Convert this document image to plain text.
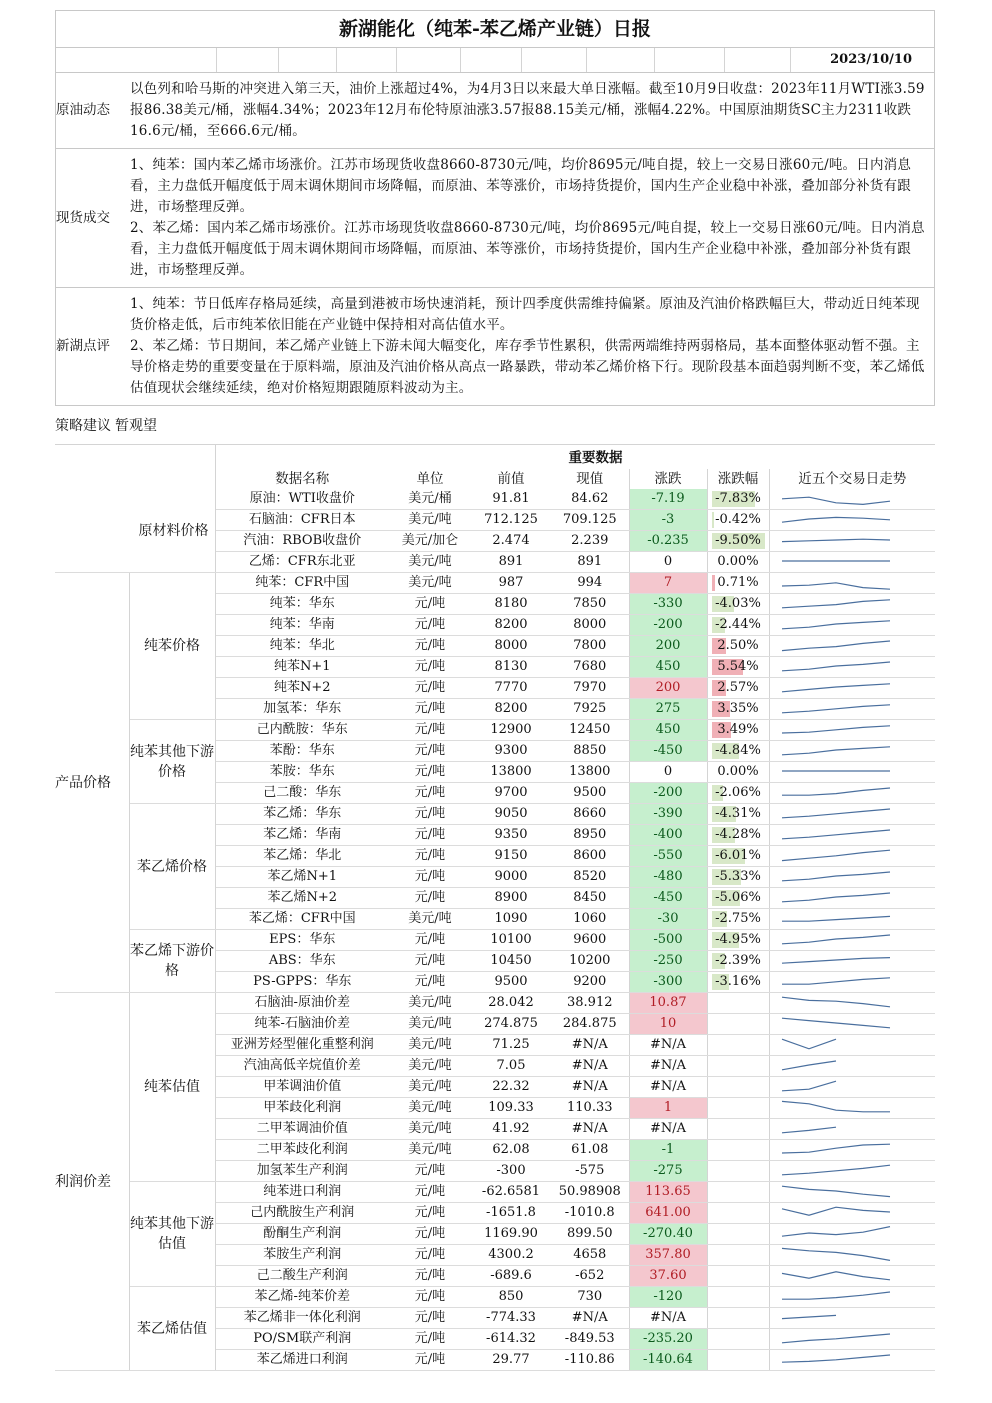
新湖能化（纯苯-苯乙烯产业链）日报
2023/10/10
原油动态

以色列和哈马斯的冲突进入第三天，油价上涨超过4%，为4月3日以来最大单日涨幅。截至10月9日收盘：2023年11月WTI涨3.59报86.38美元/桶，涨幅4.34%；2023年12月布伦特原油涨3.57报88.15美元/桶，涨幅4.22%。中国原油期货SC主力2311收跌16.6元/桶，至666.6元/桶。

现货成交

1、纯苯：国内苯乙烯市场涨价。江苏市场现货收盘8660-8730元/吨，均价8695元/吨自提，较上一交易日涨60元/吨。日内消息看，主力盘低开幅度低于周末调休期间市场降幅，而原油、苯等涨价，市场持货提价，国内生产企业稳中补涨，叠加部分补货有跟进，市场整理反弹。

2、苯乙烯：国内苯乙烯市场涨价。江苏市场现货收盘8660-8730元/吨，均价8695元/吨自提，较上一交易日涨60元/吨。日内消息看，主力盘低开幅度低于周末调休期间市场降幅，而原油、苯等涨价，市场持货提价，国内生产企业稳中补涨，叠加部分补货有跟进，市场整理反弹。

新湖点评

1、纯苯：节日低库存格局延续，高量到港被市场快速消耗，预计四季度供需维持偏紧。原油及汽油价格跌幅巨大，带动近日纯苯现货价格走低，后市纯苯依旧能在产业链中保持相对高估值水平。

2、苯乙烯：节日期间，苯乙烯产业链上下游未闻大幅变化，库存季节性累积，供需两端维持两弱格局，基本面整体驱动暂不强。主导价格走势的重要变量在于原料端，原油及汽油价格从高点一路暴跌，带动苯乙烯价格下行。现阶段基本面趋弱判断不变，苯乙烯低估值现状会继续延续，绝对价格短期跟随原料波动为主。

策略建议 暂观望
重要数据
		数据名称	单位	前值	现值	涨跌	涨跌幅	近五个交易日走势
原材料价格		原油：WTI收盘价	美元/桶	91.81	84.62	-7.19	-7.83%	

		石脑油：CFR日本	美元/吨	712.125	709.125	-3	-0.42%	

		汽油：RBOB收盘价	美元/加仑	2.474	2.239	-0.235	-9.50%	

		乙烯：CFR东北亚	美元/吨	891	891	0	0.00%	

产品价格	纯苯价格	纯苯：CFR中国	美元/吨	987	994	7	0.71%	

		纯苯：华东	元/吨	8180	7850	-330	-4.03%	

		纯苯：华南	元/吨	8200	8000	-200	-2.44%	

		纯苯：华北	元/吨	8000	7800	200	2.50%	

		纯苯N+1	元/吨	8130	7680	450	5.54%	

		纯苯N+2	元/吨	7770	7970	200	2.57%	

		加氢苯：华东	元/吨	8200	7925	275	3.35%	

	纯苯其他下游价格	己内酰胺：华东	元/吨	12900	12450	450	3.49%	

		苯酚：华东	元/吨	9300	8850	-450	-4.84%	

		苯胺：华东	元/吨	13800	13800	0	0.00%	

		己二酸：华东	元/吨	9700	9500	-200	-2.06%	

	苯乙烯价格	苯乙烯：华东	元/吨	9050	8660	-390	-4.31%	

		苯乙烯：华南	元/吨	9350	8950	-400	-4.28%	

		苯乙烯：华北	元/吨	9150	8600	-550	-6.01%	

		苯乙烯N+1	元/吨	9000	8520	-480	-5.33%	

		苯乙烯N+2	元/吨	8900	8450	-450	-5.06%	

		苯乙烯：CFR中国	美元/吨	1090	1060	-30	-2.75%	

	苯乙烯下游价格	EPS：华东	元/吨	10100	9600	-500	-4.95%	

		ABS：华东	元/吨	10450	10200	-250	-2.39%	

		PS-GPPS：华东	元/吨	9500	9200	-300	-3.16%	

利润价差	纯苯估值	石脑油-原油价差	美元/吨	28.042	38.912	10.87		

		纯苯-石脑油价差	美元/吨	274.875	284.875	10		

		亚洲芳烃型催化重整利润	美元/吨	71.25	#N/A	#N/A		

		汽油高低辛烷值价差	美元/吨	7.05	#N/A	#N/A		

		甲苯调油价值	美元/吨	22.32	#N/A	#N/A		

		甲苯歧化利润	美元/吨	109.33	110.33	1		

		二甲苯调油价值	美元/吨	41.92	#N/A	#N/A		

		二甲苯歧化利润	美元/吨	62.08	61.08	-1		

		加氢苯生产利润	元/吨	-300	-575	-275		

	纯苯其他下游估值	纯苯进口利润	元/吨	-62.6581	50.98908	113.65		

		己内酰胺生产利润	元/吨	-1651.8	-1010.8	641.00		

		酚酮生产利润	元/吨	1169.90	899.50	-270.40		

		苯胺生产利润	元/吨	4300.2	4658	357.80		

		己二酸生产利润	元/吨	-689.6	-652	37.60		

	苯乙烯估值	苯乙烯-纯苯价差	元/吨	850	730	-120		

		苯乙烯非一体化利润	元/吨	-774.33	#N/A	#N/A		

		PO/SM联产利润	元/吨	-614.32	-849.53	-235.20		

		苯乙烯进口利润	元/吨	29.77	-110.86	-140.64		
